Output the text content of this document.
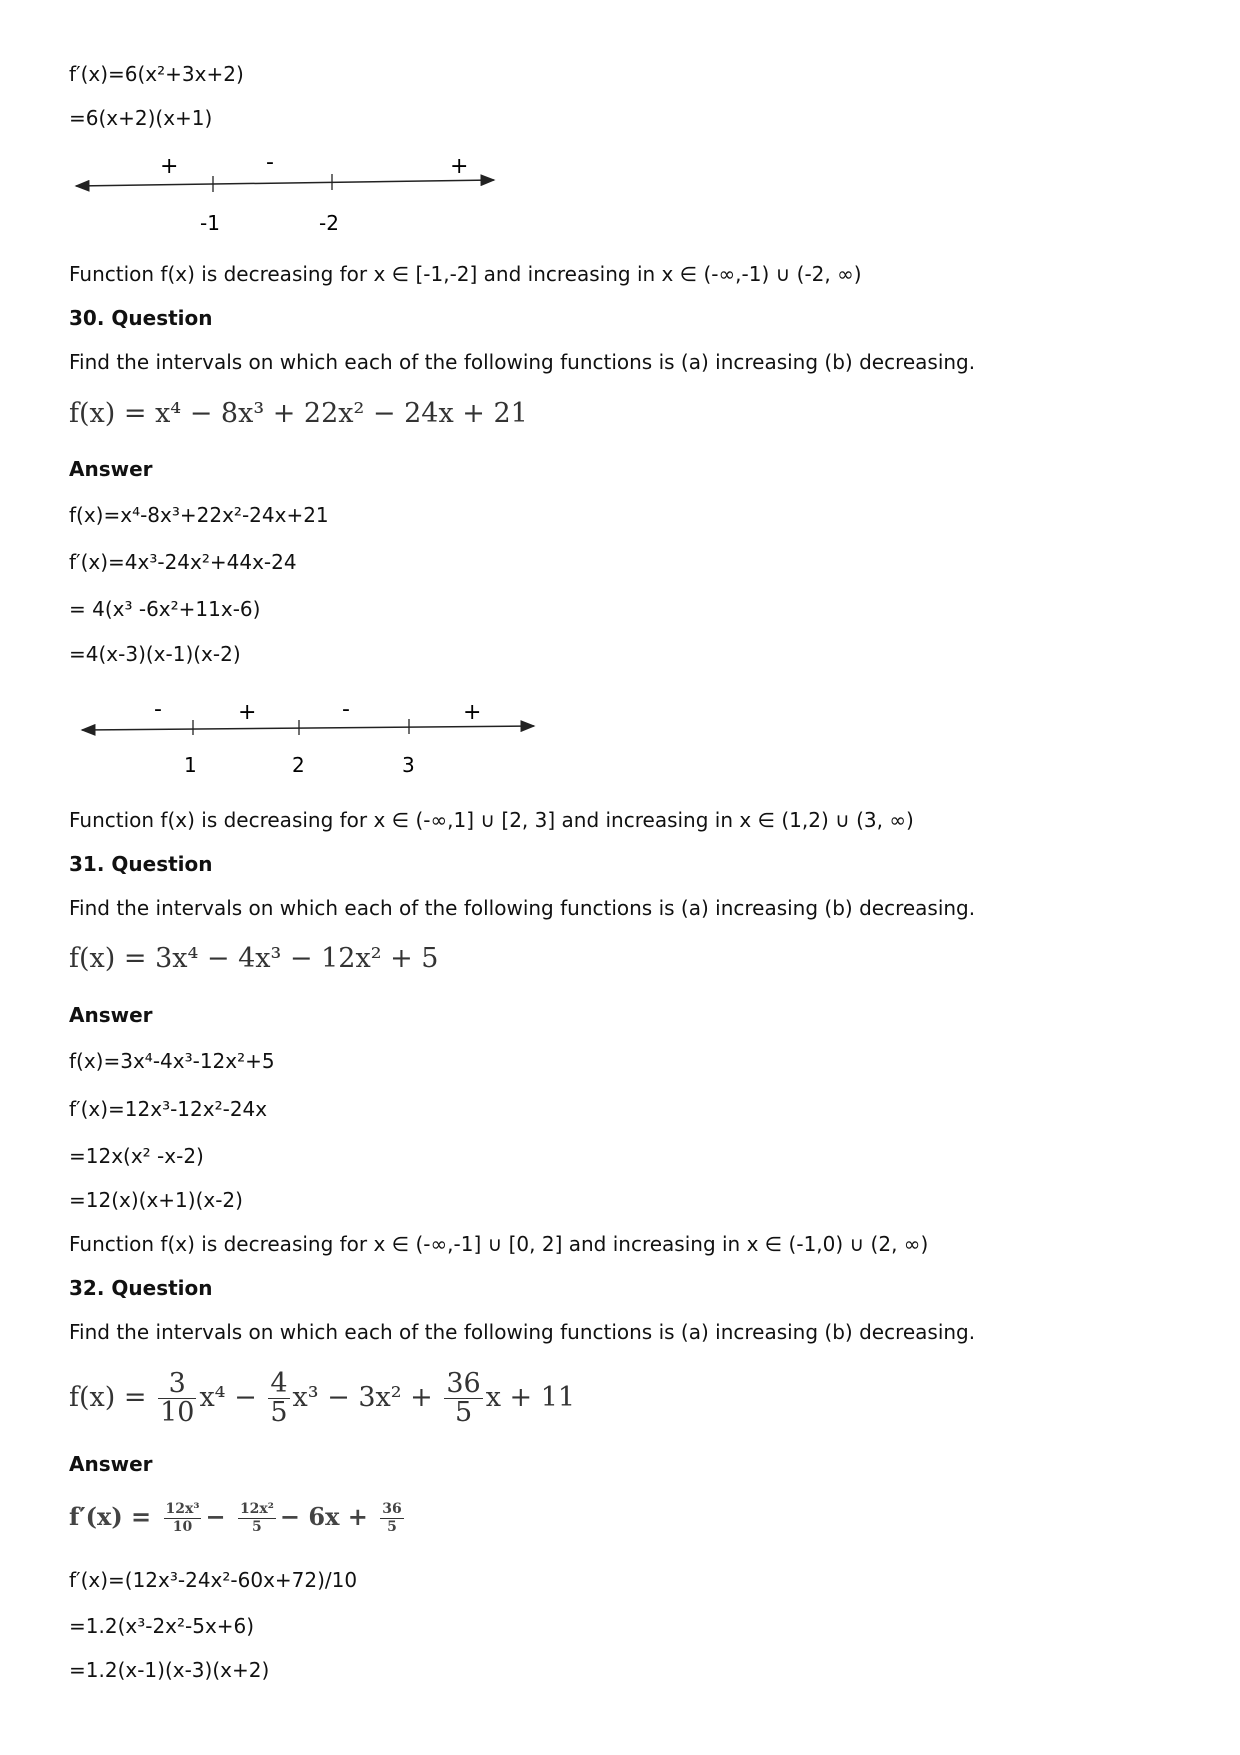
f′(x)=6(x²+3x+2)
=6(x+2)(x+1)
+	-	+
-1	-2
Function f(x) is decreasing for x ∈ [-1,-2] and increasing in x ∈ (-∞,-1) ∪ (-2, ∞)
30. Question
Find the intervals on which each of the following functions is (a) increasing (b) decreasing.
f(x) = x⁴ − 8x³ + 22x² − 24x + 21
Answer
f(x)=x⁴-8x³+22x²-24x+21
f′(x)=4x³-24x²+44x-24
= 4(x³ -6x²+11x-6)
=4(x-3)(x-1)(x-2)
-	+	-	+
1	2	3
Function f(x) is decreasing for x ∈ (-∞,1] ∪ [2, 3] and increasing in x ∈ (1,2) ∪ (3, ∞)
31. Question
Find the intervals on which each of the following functions is (a) increasing (b) decreasing.
f(x) = 3x⁴ − 4x³ − 12x² + 5
Answer
f(x)=3x⁴-4x³-12x²+5
f′(x)=12x³-12x²-24x
=12x(x² -x-2)
=12(x)(x+1)(x-2)
Function f(x) is decreasing for x ∈ (-∞,-1] ∪ [0, 2] and increasing in x ∈ (-1,0) ∪ (2, ∞)
32. Question
Find the intervals on which each of the following functions is (a) increasing (b) decreasing.
$f(x) = \frac{3}{10} x^4 - \frac{4}{5} x^3 - 3x^2 + \frac{36}{5}$ x + 11
Answer
$f'(x) = \frac{\text{12x³}}{10} - \frac{\text{12x²}}{5} - 6x + \frac{36}{5}$
f′(x)=(12x³-24x²-60x+72)/10
=1.2(x³-2x²-5x+6)
=1.2(x-1)(x-3)(x+2)
